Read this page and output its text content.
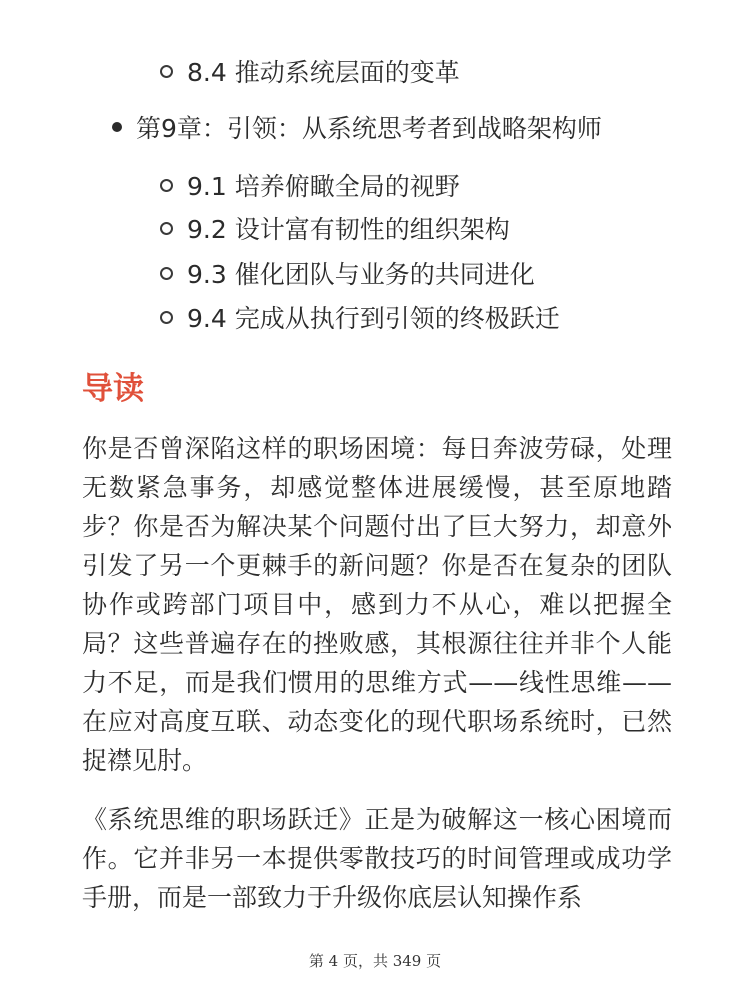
8.4 推动系统层面的变革
第9章：引领：从系统思考者到战略架构师
9.1 培养俯瞰全局的视野
9.2 设计富有韧性的组织架构
9.3 催化团队与业务的共同进化
9.4 完成从执行到引领的终极跃迁
导读
你是否曾深陷这样的职场困境：每日奔波劳碌，处理无数紧急事务，却感觉整体进展缓慢，甚至原地踏步？你是否为解决某个问题付出了巨大努力，却意外引发了另一个更棘手的新问题？你是否在复杂的团队协作或跨部门项目中，感到力不从心，难以把握全局？这些普遍存在的挫败感，其根源往往并非个人能力不足，而是我们惯用的思维方式——线性思维——在应对高度互联、动态变化的现代职场系统时，已然捉襟见肘。
《系统思维的职场跃迁》正是为破解这一核心困境而作。它并非另一本提供零散技巧的时间管理或成功学手册，而是一部致力于升级你底层认知操作系
第 4 页，共 349 页
